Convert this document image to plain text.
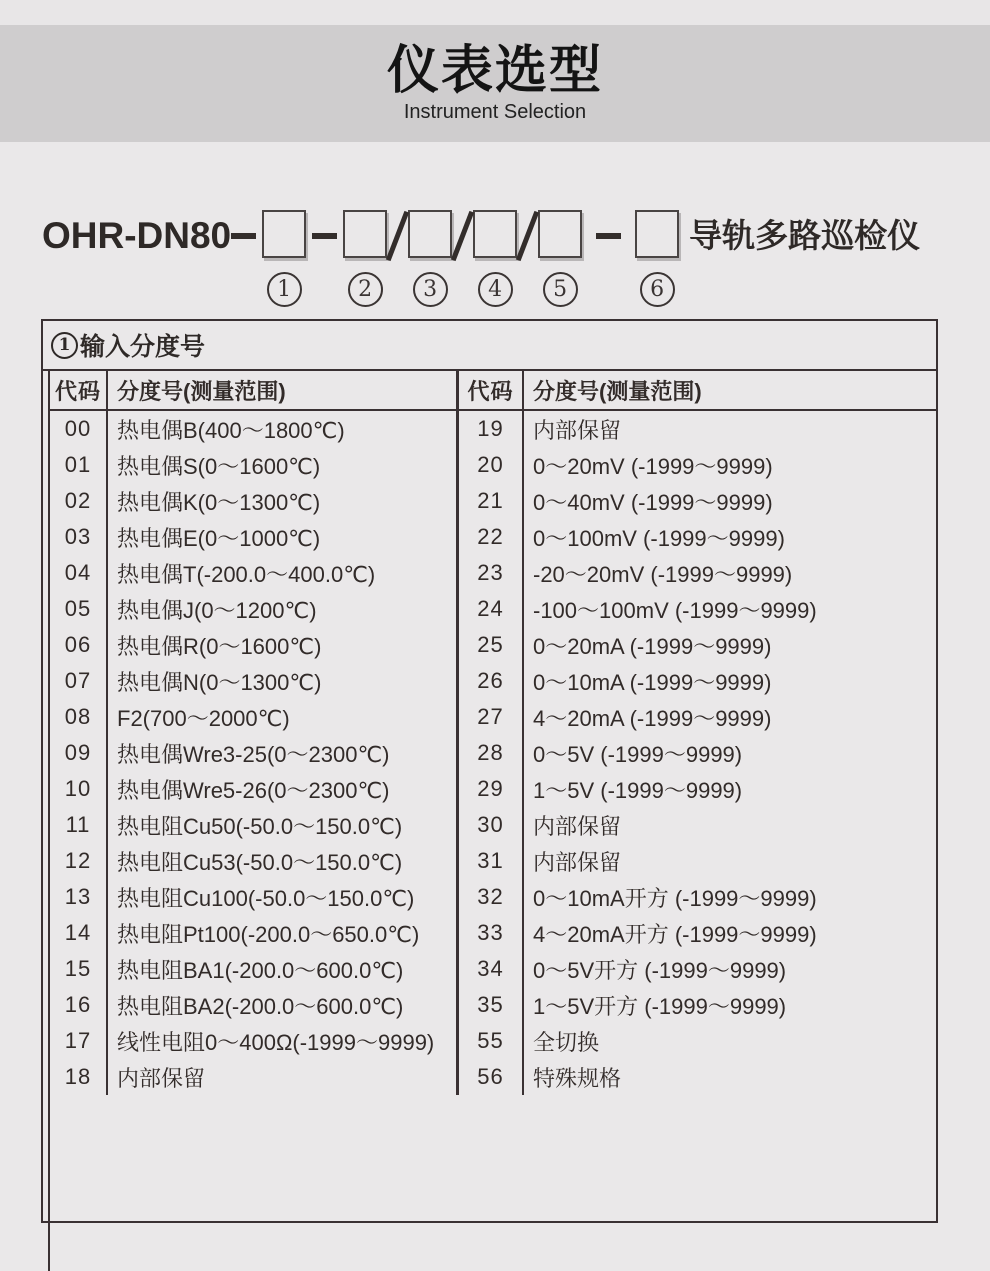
仪表选型
Instrument Selection
OHR-DN80
1	2	3	4	5	6
导轨多路巡检仪
1 输入分度号
代码 分度号(测量范围)	代码 分度号(测量范围)
00	热电偶B(400～1800℃)	19	内部保留
01	热电偶S(0～1600℃)	20	0～20mV (-1999～9999)
02	热电偶K(0～1300℃)	21	0～40mV (-1999～9999)
03	热电偶E(0～1000℃)	22	0～100mV (-1999～9999)
04	热电偶T(-200.0～400.0℃)	23	-20～20mV (-1999～9999)
05	热电偶J(0～1200℃)	24	-100～100mV (-1999～9999)
06	热电偶R(0～1600℃)	25	0～20mA (-1999～9999)
07	热电偶N(0～1300℃)	26	0～10mA (-1999～9999)
08	F2(700～2000℃)	27	4～20mA (-1999～9999)
09	热电偶Wre3-25(0～2300℃)	28	0～5V (-1999～9999)
10	热电偶Wre5-26(0～2300℃)	29	1～5V (-1999～9999)
11	热电阻Cu50(-50.0～150.0℃)	30	内部保留
12	热电阻Cu53(-50.0～150.0℃)	31	内部保留
13	热电阻Cu100(-50.0～150.0℃)	32	0～10mA开方 (-1999～9999)
14	热电阻Pt100(-200.0～650.0℃)	33	4～20mA开方 (-1999～9999)
15	热电阻BA1(-200.0～600.0℃)	34	0～5V开方 (-1999～9999)
16	热电阻BA2(-200.0～600.0℃)	35	1～5V开方 (-1999～9999)
17	线性电阻0～400Ω(-1999～9999)	55	全切换
18	内部保留	56	特殊规格
